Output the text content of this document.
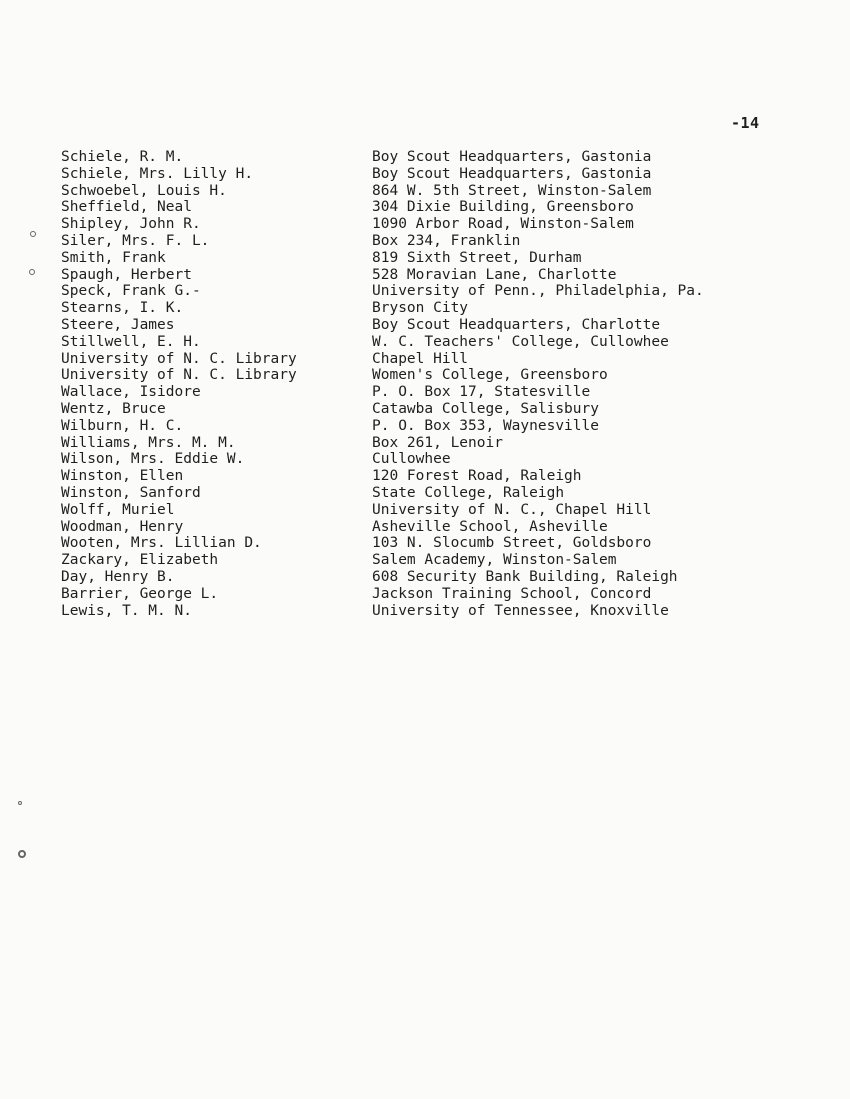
-14
Schiele, R. M.	Boy Scout Headquarters, Gastonia
Schiele, Mrs. Lilly H.	Boy Scout Headquarters, Gastonia
Schwoebel, Louis H.	864 W. 5th Street, Winston-Salem
Sheffield, Neal	304 Dixie Building, Greensboro
Shipley, John R.	1090 Arbor Road, Winston-Salem
Siler, Mrs. F. L.	Box 234, Franklin
Smith, Frank	819 Sixth Street, Durham
Spaugh, Herbert	528 Moravian Lane, Charlotte
Speck, Frank G.-	University of Penn., Philadelphia, Pa.
Stearns, I. K.	Bryson City
Steere, James	Boy Scout Headquarters, Charlotte
Stillwell, E. H.	W. C. Teachers' College, Cullowhee
University of N. C. Library	Chapel Hill
University of N. C. Library	Women's College, Greensboro
Wallace, Isidore	P. O. Box 17, Statesville
Wentz, Bruce	Catawba College, Salisbury
Wilburn, H. C.	P. O. Box 353, Waynesville
Williams, Mrs. M. M.	Box 261, Lenoir
Wilson, Mrs. Eddie W.	Cullowhee
Winston, Ellen	120 Forest Road, Raleigh
Winston, Sanford	State College, Raleigh
Wolff, Muriel	University of N. C., Chapel Hill
Woodman, Henry	Asheville School, Asheville
Wooten, Mrs. Lillian D.	103 N. Slocumb Street, Goldsboro
Zackary, Elizabeth	Salem Academy, Winston-Salem
Day, Henry B.	608 Security Bank Building, Raleigh
Barrier, George L.	Jackson Training School, Concord
Lewis, T. M. N.	University of Tennessee, Knoxville
